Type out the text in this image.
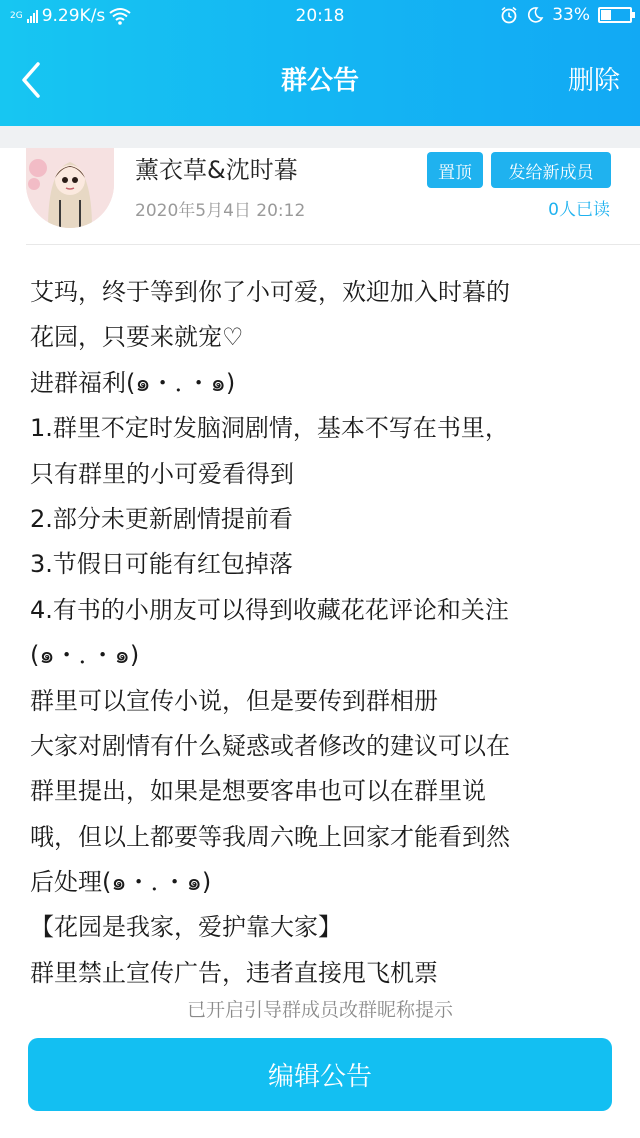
2G 9.29K/s	20:18	33%
群公告	删除
薰衣草&沈时暮
2020年5月4日 20:12
置顶	发给新成员
0人已读
艾玛，终于等到你了小可爱，欢迎加入时暮的
花园，只要来就宠♡
进群福利(๑・．・๑)
1.群里不定时发脑洞剧情，基本不写在书里，
只有群里的小可爱看得到
2.部分未更新剧情提前看
3.节假日可能有红包掉落
4.有书的小朋友可以得到收藏花花评论和关注
(๑・．・๑)
群里可以宣传小说，但是要传到群相册
大家对剧情有什么疑惑或者修改的建议可以在
群里提出，如果是想要客串也可以在群里说
哦，但以上都要等我周六晚上回家才能看到然
后处理(๑・．・๑)
【花园是我家，爱护靠大家】
群里禁止宣传广告，违者直接甩飞机票
已开启引导群成员改群昵称提示
编辑公告
